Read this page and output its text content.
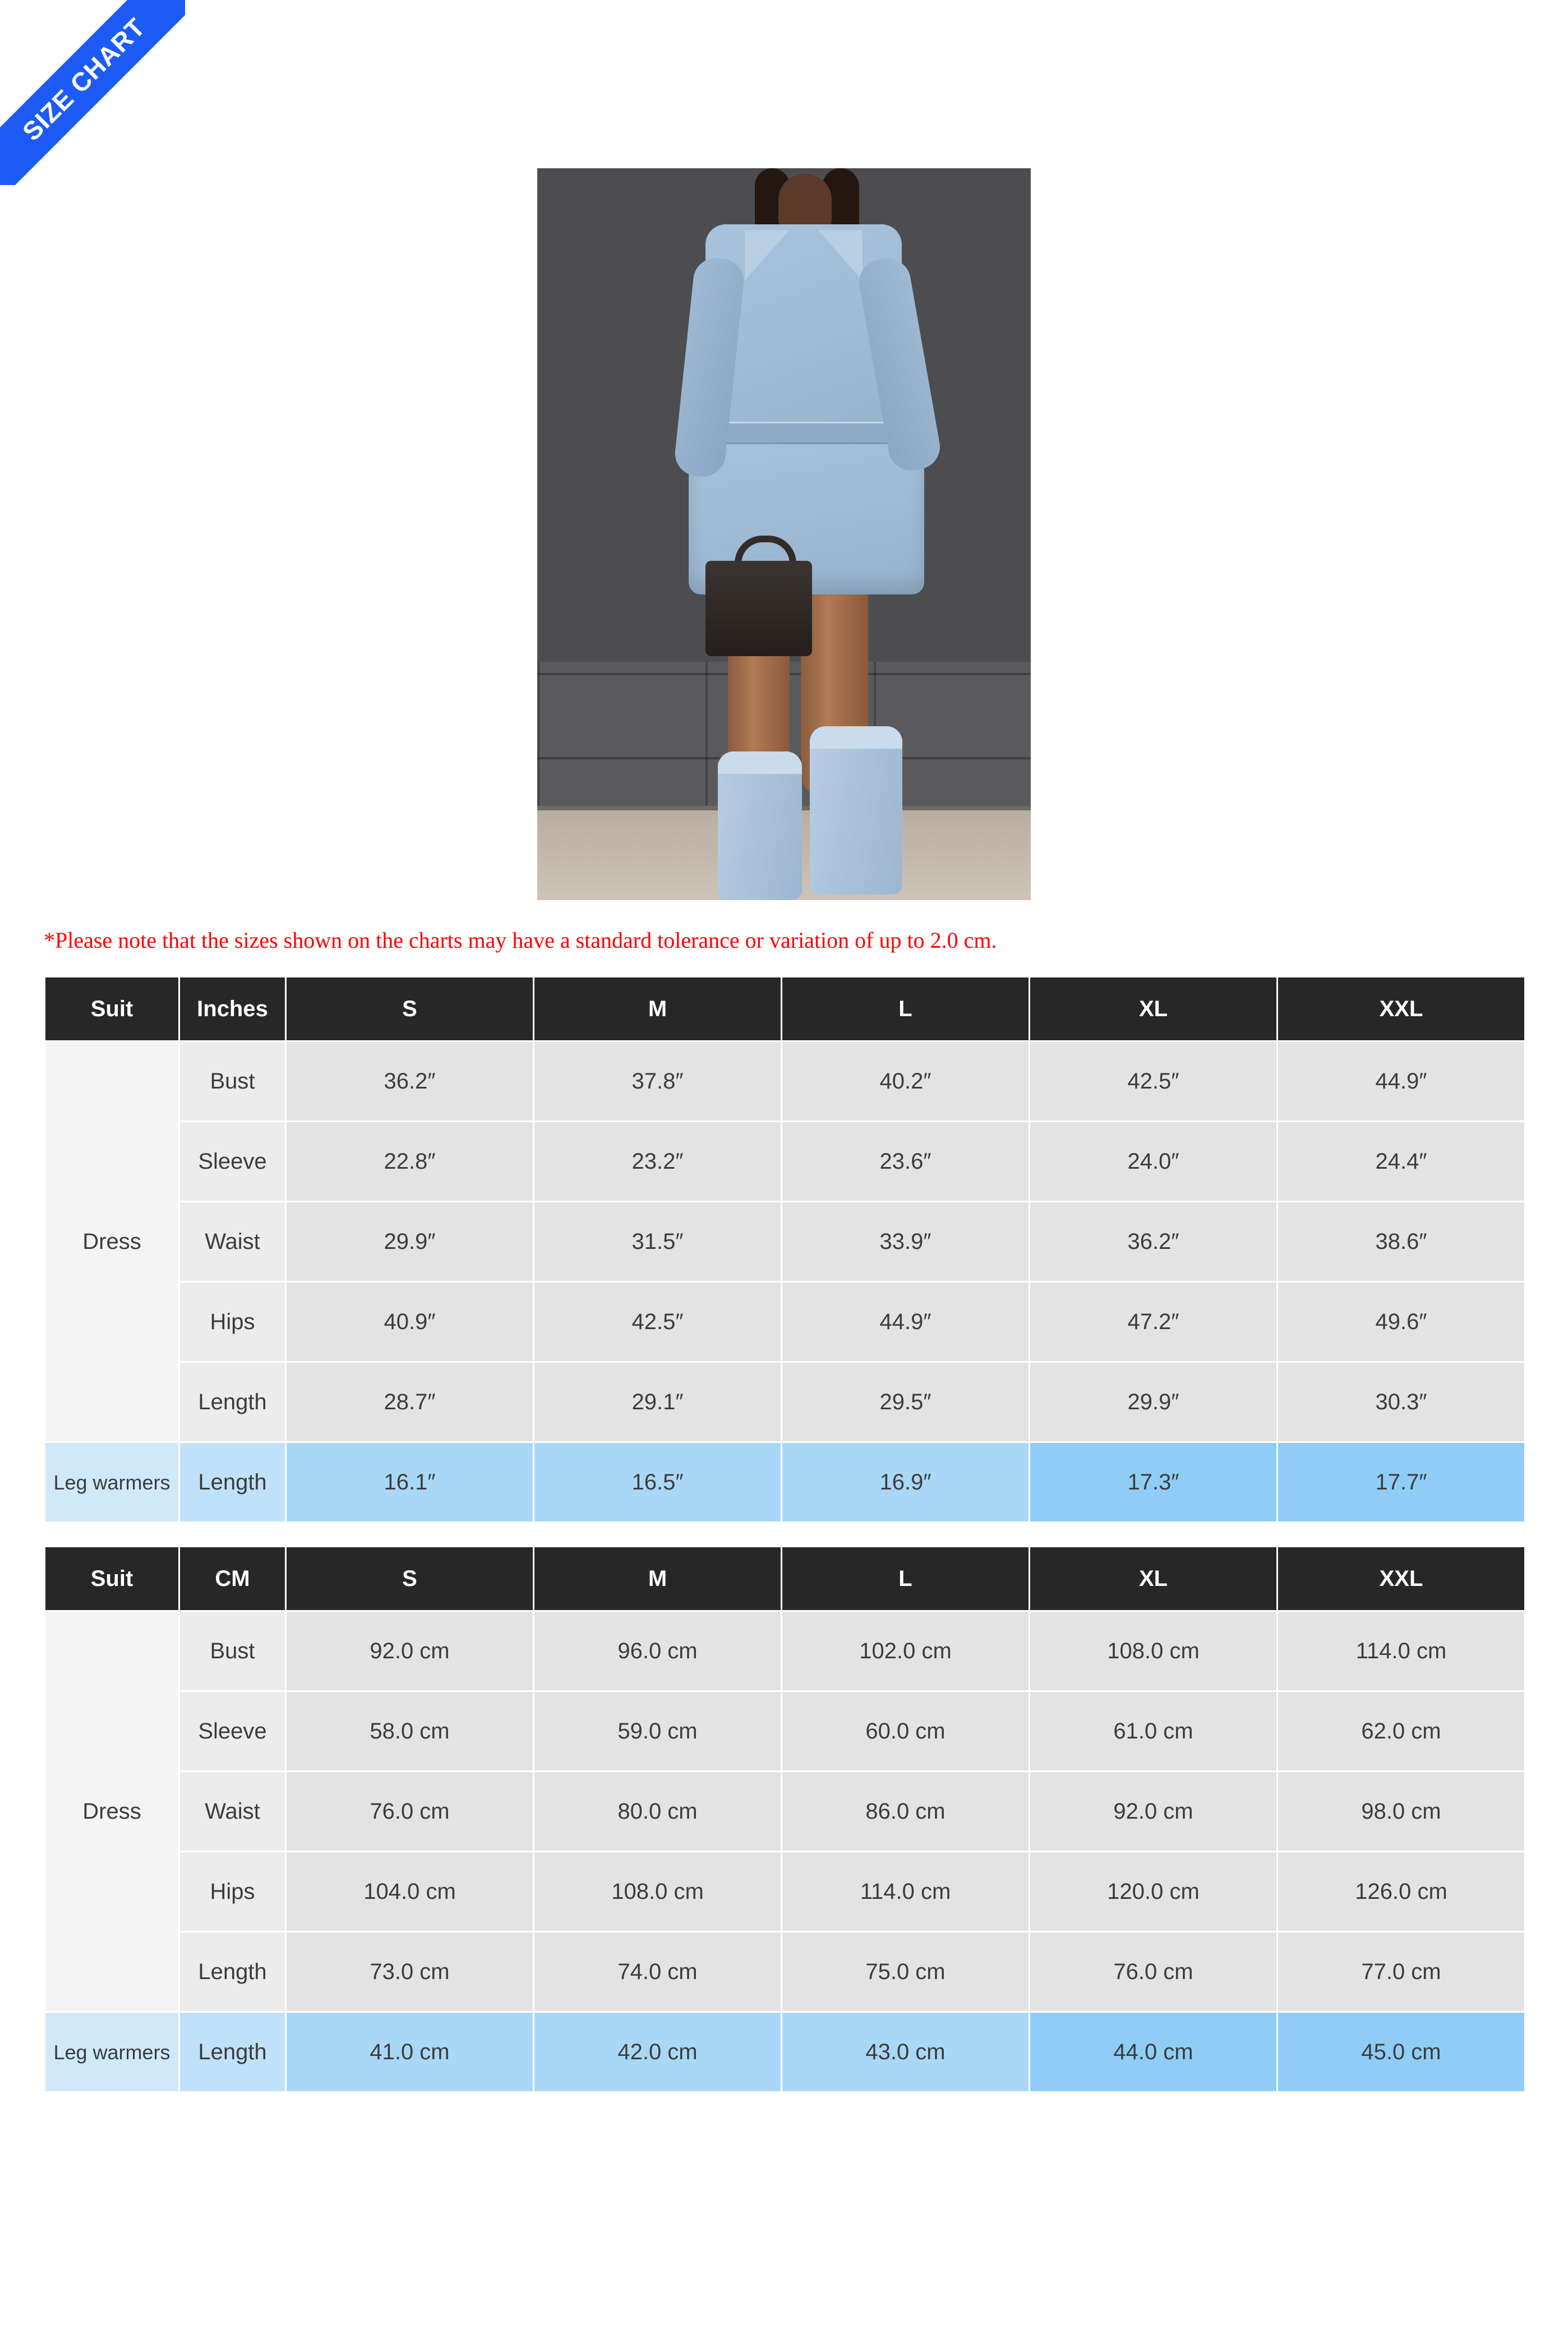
SIZE CHART
*Please note that the sizes shown on the charts may have a standard tolerance or variation of up to 2.0 cm.
Suit	Inches	S	M	L	XL	XXL
Dress	Bust	36.2″	37.8″	40.2″	42.5″	44.9″
	Sleeve	22.8″	23.2″	23.6″	24.0″	24.4″
	Waist	29.9″	31.5″	33.9″	36.2″	38.6″
	Hips	40.9″	42.5″	44.9″	47.2″	49.6″
	Length	28.7″	29.1″	29.5″	29.9″	30.3″
Leg warmers	Length	16.1″	16.5″	16.9″	17.3″	17.7″
Suit	CM	S	M	L	XL	XXL
Dress	Bust	92.0 cm	96.0 cm	102.0 cm	108.0 cm	114.0 cm
	Sleeve	58.0 cm	59.0 cm	60.0 cm	61.0 cm	62.0 cm
	Waist	76.0 cm	80.0 cm	86.0 cm	92.0 cm	98.0 cm
	Hips	104.0 cm	108.0 cm	114.0 cm	120.0 cm	126.0 cm
	Length	73.0 cm	74.0 cm	75.0 cm	76.0 cm	77.0 cm
Leg warmers	Length	41.0 cm	42.0 cm	43.0 cm	44.0 cm	45.0 cm
